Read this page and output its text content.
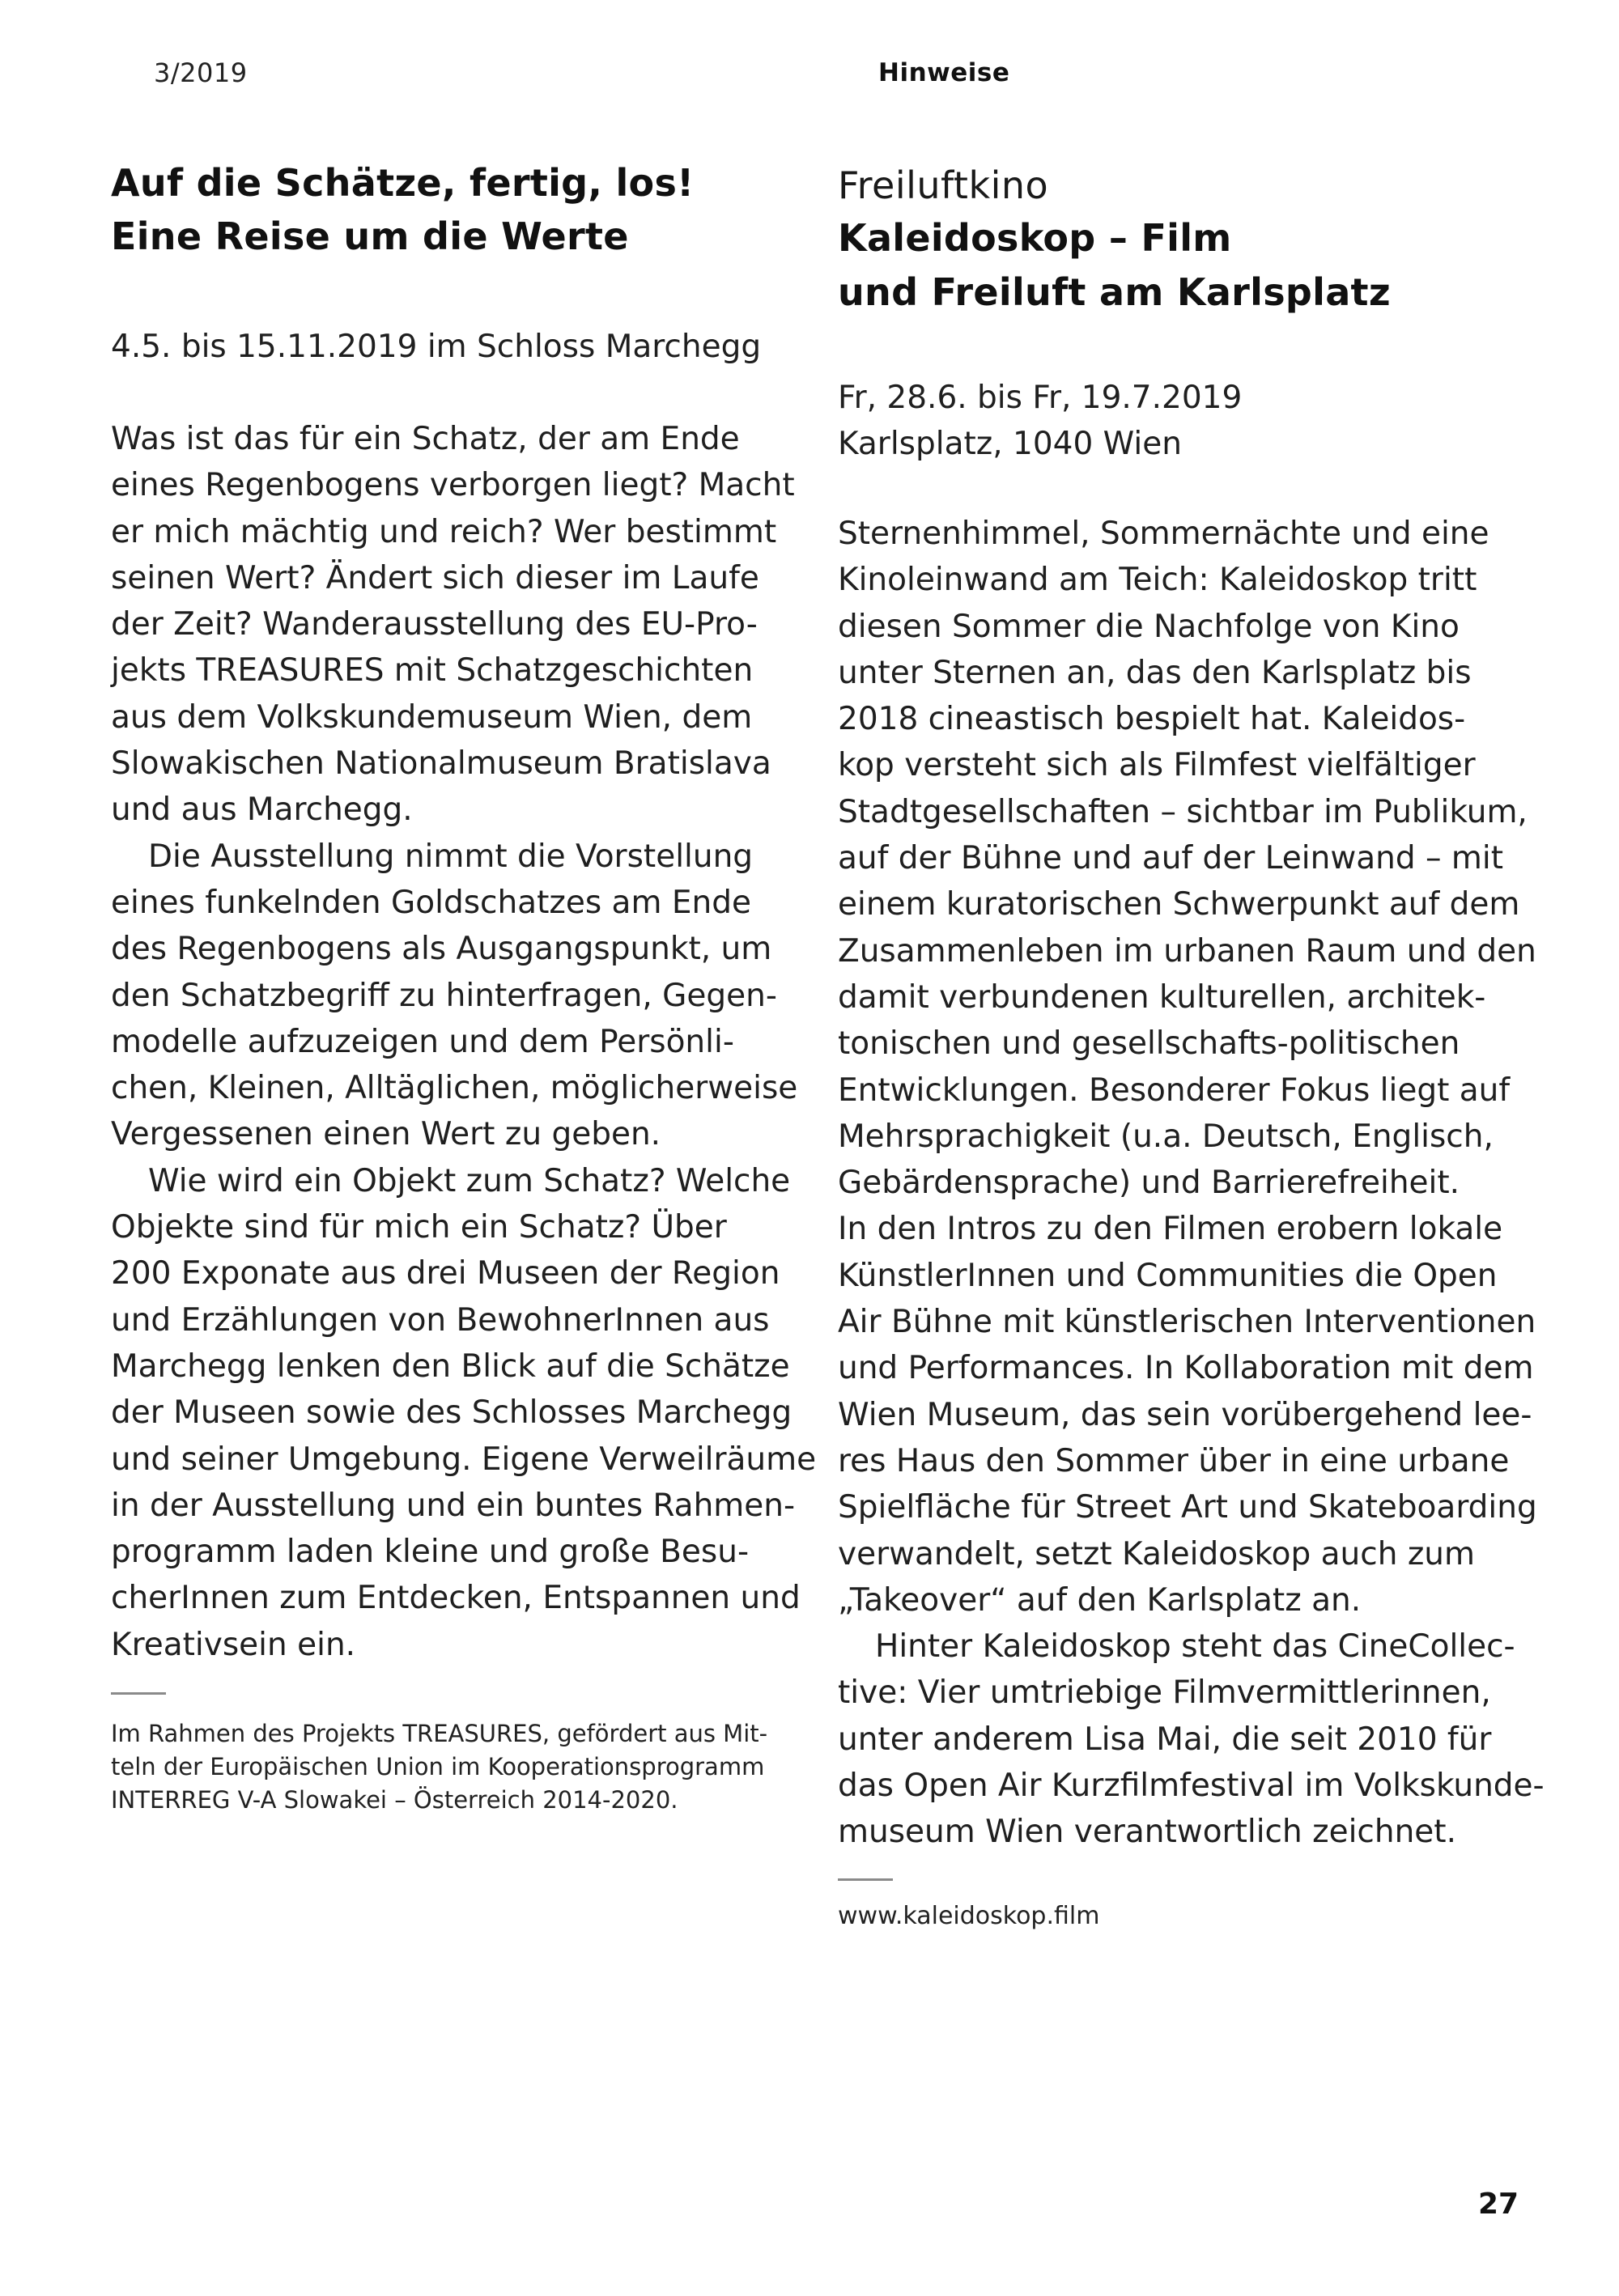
3/2019	Hinweise
Auf die Schätze, fertig, los!
Eine Reise um die Werte
4.5. bis 15.11.2019 im Schloss Marchegg
Was ist das für ein Schatz, der am Ende
eines Regenbogens verborgen liegt? Macht
er mich mächtig und reich? Wer bestimmt
seinen Wert? Ändert sich dieser im Laufe
der Zeit? Wanderausstellung des EU-Pro-
jekts TREASURES mit Schatzgeschichten
aus dem Volkskundemuseum Wien, dem
Slowakischen Nationalmuseum Bratislava
und aus Marchegg.
Die Ausstellung nimmt die Vorstellung
eines funkelnden Goldschatzes am Ende
des Regenbogens als Ausgangspunkt, um
den Schatzbegriff zu hinterfragen, Gegen-
modelle aufzuzeigen und dem Persönli-
chen, Kleinen, Alltäglichen, möglicherweise
Vergessenen einen Wert zu geben.
Wie wird ein Objekt zum Schatz? Welche
Objekte sind für mich ein Schatz? Über
200 Exponate aus drei Museen der Region
und Erzählungen von BewohnerInnen aus
Marchegg lenken den Blick auf die Schätze
der Museen sowie des Schlosses Marchegg
und seiner Umgebung. Eigene Verweilräume
in der Ausstellung und ein buntes Rahmen-
programm laden kleine und große Besu-
cherInnen zum Entdecken, Entspannen und
Kreativsein ein.
Im Rahmen des Projekts TREASURES, gefördert aus Mit-
teln der Europäischen Union im Kooperationsprogramm
INTERREG V-A Slowakei – Österreich 2014-2020.
Freiluftkino
Kaleidoskop – Film
und Freiluft am Karlsplatz
Fr, 28.6. bis Fr, 19.7.2019
Karlsplatz, 1040 Wien
Sternenhimmel, Sommernächte und eine
Kinoleinwand am Teich: Kaleidoskop tritt
diesen Sommer die Nachfolge von Kino
unter Sternen an, das den Karlsplatz bis
2018 cineastisch bespielt hat. Kaleidos-
kop versteht sich als Filmfest vielfältiger
Stadtgesellschaften – sichtbar im Publikum,
auf der Bühne und auf der Leinwand – mit
einem kuratorischen Schwerpunkt auf dem
Zusammenleben im urbanen Raum und den
damit verbundenen kulturellen, architek-
tonischen und gesellschafts-politischen
Entwicklungen. Besonderer Fokus liegt auf
Mehrsprachigkeit (u.a. Deutsch, Englisch,
Gebärdensprache) und Barrierefreiheit.
In den Intros zu den Filmen erobern lokale
KünstlerInnen und Communities die Open
Air Bühne mit künstlerischen Interventionen
und Performances. In Kollaboration mit dem
Wien Museum, das sein vorübergehend lee-
res Haus den Sommer über in eine urbane
Spielfläche für Street Art und Skateboarding
verwandelt, setzt Kaleidoskop auch zum
„Takeover“ auf den Karlsplatz an.
Hinter Kaleidoskop steht das CineCollec-
tive: Vier umtriebige Filmvermittlerinnen,
unter anderem Lisa Mai, die seit 2010 für
das Open Air Kurzfilmfestival im Volkskunde-
museum Wien verantwortlich zeichnet.
www.kaleidoskop.film
27
